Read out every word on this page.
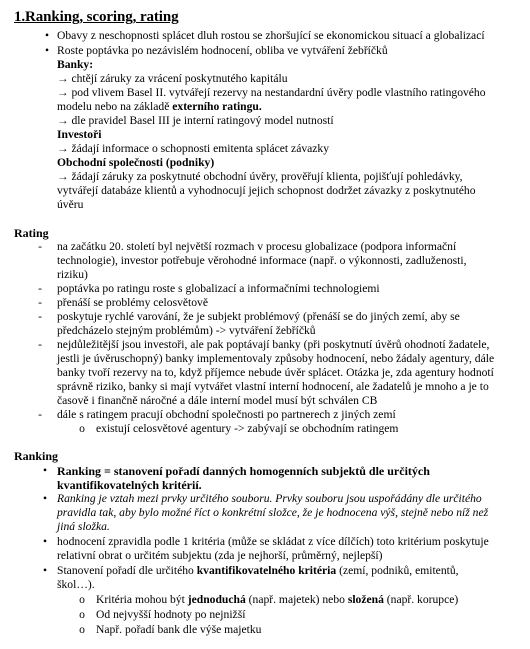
1.Ranking, scoring, rating
• Obavy z neschopnosti splácet dluh rostou se zhoršující se ekonomickou situací a globalizací
• Roste poptávka po nezávislém hodnocení, obliba ve vytváření žebříčků
Banky:
→ chtějí záruky za vrácení poskytnutého kapitálu
→ pod vlivem Basel II. vytvářejí rezervy na nestandardní úvěry podle vlastního ratingového
modelu nebo na základě externího ratingu.
→ dle pravidel Basel III je interní ratingový model nutností
Investoři
→ žádají informace o schopnosti emitenta splácet závazky
Obchodní společnosti (podniky)
→ žádají záruky za poskytnuté obchodní úvěry, prověřují klienta, pojišťují pohledávky,
vytvářejí databáze klientů a vyhodnocují jejich schopnost dodržet závazky z poskytnutého
úvěru
Rating
- na začátku 20. století byl největší rozmach v procesu globalizace (podpora informační
technologie), investor potřebuje věrohodné informace (např. o výkonnosti, zadluženosti,
riziku)
- poptávka po ratingu roste s globalizací a informačními technologiemi
- přenáší se problémy celosvětově
- poskytuje rychlé varování, že je subjekt problémový (přenáší se do jiných zemí, aby se
předcházelo stejným problémům) -> vytváření žebříčků
- nejdůležitější jsou investoři, ale pak poptávají banky (při poskytnutí úvěrů ohodnotí žadatele,
jestli je úvěruschopný) banky implementovaly způsoby hodnocení, nebo žádaly agentury, dále
banky tvoří rezervy na to, když příjemce nebude úvěr splácet. Otázka je, zda agentury hodnotí
správně riziko, banky si mají vytvářet vlastní interní hodnocení, ale žadatelů je mnoho a je to
časově i finančně náročné a dále interní model musí být schválen CB
- dále s ratingem pracují obchodní společnosti po partnerech z jiných zemí
o existují celosvětové agentury -> zabývají se obchodním ratingem
Ranking
• Ranking = stanovení pořadí danných homogenních subjektů dle určitých
kvantifikovatelných kritérií.
• Ranking je vztah mezi prvky určitého souboru. Prvky souboru jsou uspořádány dle určitého
pravidla tak, aby bylo možné říct o konkrétní složce, že je hodnocena výš, stejně nebo níž než
jiná složka.
• hodnocení zpravidla podle 1 kritéria (může se skládat z více dílčích) toto kritérium poskytuje
relativní obrat o určitém subjektu (zda je nejhorší, průměrný, nejlepší)
• Stanovení pořadí dle určitého kvantifikovatelného kritéria (zemí, podniků, emitentů,
škol…).
o Kritéria mohou být jednoduchá (např. majetek) nebo složená (např. korupce)
o Od nejvyšší hodnoty po nejnižší
o Např. pořadí bank dle výše majetku
